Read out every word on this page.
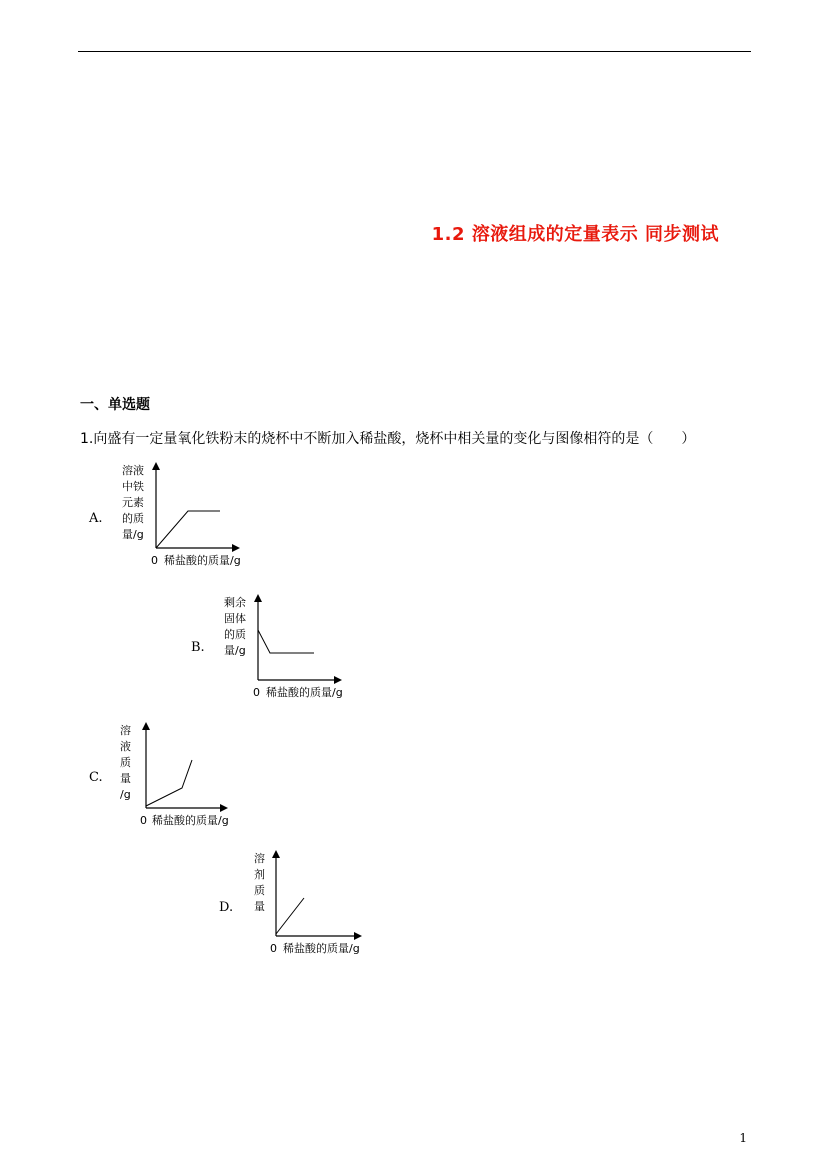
1.2 溶液组成的定量表示 同步测试
一、单选题
1.向盛有一定量氧化铁粉末的烧杯中不断加入稀盐酸，烧杯中相关量的变化与图像相符的是（　　）
A.
溶液
中铁
元素
的质
量/g
0 稀盐酸的质量/g
B.
剩余
固体
的质
量/g
0 稀盐酸的质量/g
C.
溶
液
质
量
/g
0 稀盐酸的质量/g
D.
溶
剂
质
量
0 稀盐酸的质量/g
1
